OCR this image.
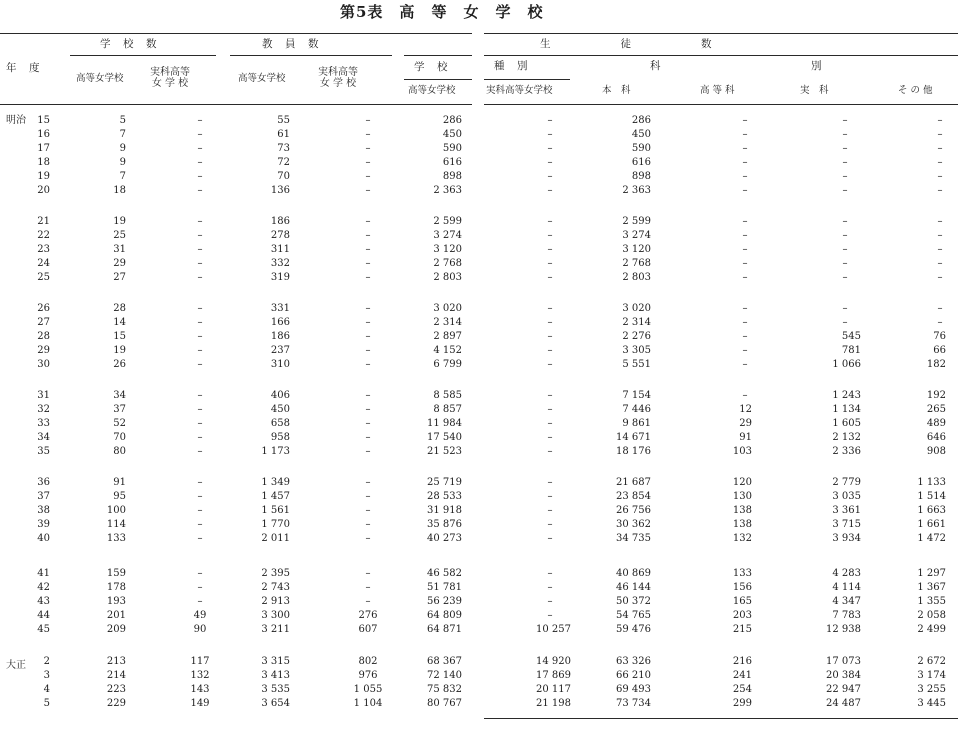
第5表　高　等　女　学　校
年　度
学　校　数	教　員　数	生　　　　　　徒　　　　　　数
種　別	科　　　　　　　　　　　　　別
学　校
高等女学校
実科高等
女 学 校	高等女学校
実科高等
女 学 校
高等女学校	実科高等女学校	本　科	高 等 科	実　科	そ の 他
明治
大正
15	5	–	55	–	286	–	286	–	–	–
16	7	–	61	–	450	–	450	–	–	–
17	9	–	73	–	590	–	590	–	–	–
18	9	–	72	–	616	–	616	–	–	–
19	7	–	70	–	898	–	898	–	–	–
20	18	–	136	–	2 363	–	2 363	–	–	–
21	19	–	186	–	2 599	–	2 599	–	–	–
22	25	–	278	–	3 274	–	3 274	–	–	–
23	31	–	311	–	3 120	–	3 120	–	–	–
24	29	–	332	–	2 768	–	2 768	–	–	–
25	27	–	319	–	2 803	–	2 803	–	–	–
26	28	–	331	–	3 020	–	3 020	–	–	–
27	14	–	166	–	2 314	–	2 314	–	–	–
28	15	–	186	–	2 897	–	2 276	–	545	76
29	19	–	237	–	4 152	–	3 305	–	781	66
30	26	–	310	–	6 799	–	5 551	–	1 066	182
31	34	–	406	–	8 585	–	7 154	–	1 243	192
32	37	–	450	–	8 857	–	7 446	12	1 134	265
33	52	–	658	–	11 984	–	9 861	29	1 605	489
34	70	–	958	–	17 540	–	14 671	91	2 132	646
35	80	–	1 173	–	21 523	–	18 176	103	2 336	908
36	91	–	1 349	–	25 719	–	21 687	120	2 779	1 133
37	95	–	1 457	–	28 533	–	23 854	130	3 035	1 514
38	100	–	1 561	–	31 918	–	26 756	138	3 361	1 663
39	114	–	1 770	–	35 876	–	30 362	138	3 715	1 661
40	133	–	2 011	–	40 273	–	34 735	132	3 934	1 472
41	159	–	2 395	–	46 582	–	40 869	133	4 283	1 297
42	178	–	2 743	–	51 781	–	46 144	156	4 114	1 367
43	193	–	2 913	–	56 239	–	50 372	165	4 347	1 355
44	201	49	3 300	276	64 809	–	54 765	203	7 783	2 058
45	209	90	3 211	607	64 871	10 257	59 476	215	12 938	2 499
2	213	117	3 315	802	68 367	14 920	63 326	216	17 073	2 672
3	214	132	3 413	976	72 140	17 869	66 210	241	20 384	3 174
4	223	143	3 535	1 055	75 832	20 117	69 493	254	22 947	3 255
5	229	149	3 654	1 104	80 767	21 198	73 734	299	24 487	3 445
